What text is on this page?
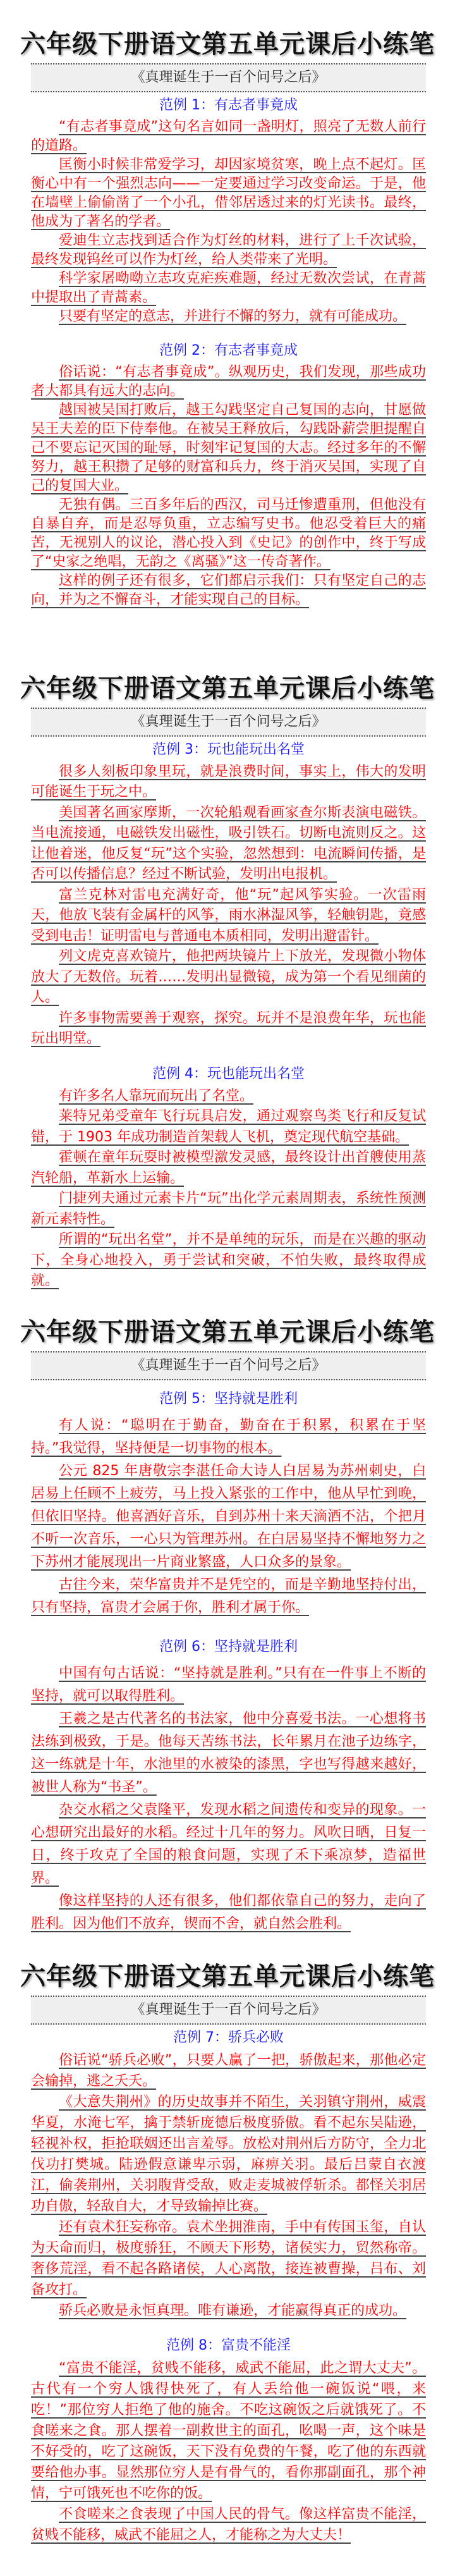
六年级下册语文第五单元课后小练笔
《真理诞生于一百个问号之后》
范例 1：有志者事竟成

“有志者事竟成”这句名言如同一盏明灯，照亮了无数人前行的道路。

匡衡小时候非常爱学习，却因家境贫寒，晚上点不起灯。匡衡心中有一个强烈志向——一定要通过学习改变命运。于是，他在墙壁上偷偷凿了一个小孔，借邻居透过来的灯光读书。最终，他成为了著名的学者。

爱迪生立志找到适合作为灯丝的材料，进行了上千次试验，最终发现钨丝可以作为灯丝，给人类带来了光明。

科学家屠呦呦立志攻克疟疾难题，经过无数次尝试，在青蒿中提取出了青蒿素。

只要有坚定的意志，并进行不懈的努力，就有可能成功。

范例 2：有志者事竟成

俗话说：“有志者事竟成”。纵观历史，我们发现，那些成功者大都具有远大的志向。

越国被吴国打败后，越王勾践坚定自己复国的志向，甘愿做吴王夫差的臣下侍奉他。在被吴王释放后，勾践卧薪尝胆提醒自己不要忘记灭国的耻辱，时刻牢记复国的大志。经过多年的不懈努力，越王积攒了足够的财富和兵力，终于消灭吴国，实现了自己的复国大业。

无独有偶。三百多年后的西汉，司马迁惨遭重刑，但他没有自暴自弃，而是忍辱负重，立志编写史书。他忍受着巨大的痛苦，无视别人的议论，潜心投入到《史记》的创作中，终于写成了“史家之绝唱，无韵之《离骚》”这一传奇著作。

这样的例子还有很多，它们都启示我们：只有坚定自己的志向，并为之不懈奋斗，才能实现自己的目标。

六年级下册语文第五单元课后小练笔
《真理诞生于一百个问号之后》
范例 3：玩也能玩出名堂

很多人刻板印象里玩，就是浪费时间，事实上，伟大的发明可能诞生于玩之中。

美国著名画家摩斯，一次轮船观看画家查尔斯表演电磁铁。当电流接通，电磁铁发出磁性，吸引铁石。切断电流则反之。这让他着迷，他反复“玩”这个实验，忽然想到：电流瞬间传播，是否可以传播信息？经过不断试验，发明出电报机。

富兰克林对雷电充满好奇，他“玩”起风筝实验。一次雷雨天，他放飞装有金属杆的风筝，雨水淋湿风筝，轻触钥匙，竟感受到电击！证明雷电与普通电本质相同，发明出避雷针。

列文虎克喜欢镜片，他把两块镜片上下放光，发现微小物体放大了无数倍。玩着……发明出显微镜，成为第一个看见细菌的人。

许多事物需要善于观察，探究。玩并不是浪费年华，玩也能玩出明堂。

范例 4：玩也能玩出名堂

有许多名人靠玩而玩出了名堂。

莱特兄弟受童年飞行玩具启发，通过观察鸟类飞行和反复试错，于 1903 年成功制造首架载人飞机，奠定现代航空基础。

霍顿在童年玩耍时被模型激发灵感，最终设计出首艘使用蒸汽轮船，革新水上运输。

门捷列夫通过元素卡片“玩”出化学元素周期表，系统性预测新元素特性。

所谓的“玩出名堂”，并不是单纯的玩乐，而是在兴趣的驱动下，全身心地投入，勇于尝试和突破，不怕失败，最终取得成就。

六年级下册语文第五单元课后小练笔
《真理诞生于一百个问号之后》
范例 5：坚持就是胜利

有人说：“聪明在于勤奋，勤奋在于积累，积累在于坚持。”我觉得，坚持便是一切事物的根本。

公元 825 年唐敬宗李湛任命大诗人白居易为苏州刺史，白居易上任顾不上疲劳，马上投入紧张的工作中，他从早忙到晚，但依旧坚持。他喜酒好音乐，自到苏州十来天滴酒不沾，个把月不听一次音乐，一心只为管理苏州。在白居易坚持不懈地努力之下苏州才能展现出一片商业繁盛，人口众多的景象。

古往今来，荣华富贵并不是凭空的，而是辛勤地坚持付出，只有坚持，富贵才会属于你，胜利才属于你。

范例 6：坚持就是胜利

中国有句古话说：“坚持就是胜利。”只有在一件事上不断的坚持，就可以取得胜利。

王羲之是古代著名的书法家，他中分喜爱书法。一心想将书法练到极致，于是。他每天苦练书法，长年累月在池子边练字，这一练就是十年，水池里的水被染的漆黑，字也写得越来越好，被世人称为“书圣”。

杂交水稻之父袁隆平，发现水稻之间遗传和变异的现象。一心想研究出最好的水稻。经过十几年的努力。风吹日晒，日复一日，终于攻克了全国的粮食问题，实现了禾下乘凉梦，造福世界。

像这样坚持的人还有很多，他们都依靠自己的努力，走向了胜利。因为他们不放弃，锲而不舍，就自然会胜利。

六年级下册语文第五单元课后小练笔
《真理诞生于一百个问号之后》
范例 7：骄兵必败

俗话说“骄兵必败”，只要人赢了一把，骄傲起来，那他必定会输掉，逃之夭夭。

《大意失荆州》的历史故事并不陌生，关羽镇守荆州，威震华夏，水淹七军，擒于禁斩庞德后极度骄傲。看不起东吴陆逊，轻视补权，拒抢联姻还出言羞辱。放松对荆州后方防守，全力北伐功打樊城。陆逊假意谦卑示弱，麻痹关羽。最后吕蒙自衣渡江，偷袭荆州，关羽腹背受敌，败走麦城被俘斩杀。都怪关羽居功自傲，轻敌自大，才导致输掉比赛。

还有袁术狂妄称帝。袁术坐拥淮南，手中有传国玉玺，自认为天命而归，极度骄狂，不顾天下形势，诸侯实力，贸然称帝。奢侈荒淫，看不起各路诸侯，人心离散，接连被曹操，吕布、刘备攻打。

骄兵必败是永恒真理。唯有谦逊，才能赢得真正的成功。

范例 8：富贵不能淫

“富贵不能淫，贫贱不能移，威武不能屈，此之谓大丈夫”。古代有一个穷人饿得快死了，有人丢给他一碗饭说“喂，来吃！”那位穷人拒绝了他的施舍。不吃这碗饭之后就饿死了。不食嗟来之食。那人摆着一副救世主的面孔，吆喝一声，这个味是不好受的，吃了这碗饭，天下没有免费的午餐，吃了他的东西就要给他办事。显然那位穷人是有骨气的，看你那副面孔，那个神情，宁可饿死也不吃你的饭。

不食嗟来之食表现了中国人民的骨气。像这样富贵不能淫，贫贱不能移，威武不能屈之人，才能称之为大丈夫！
